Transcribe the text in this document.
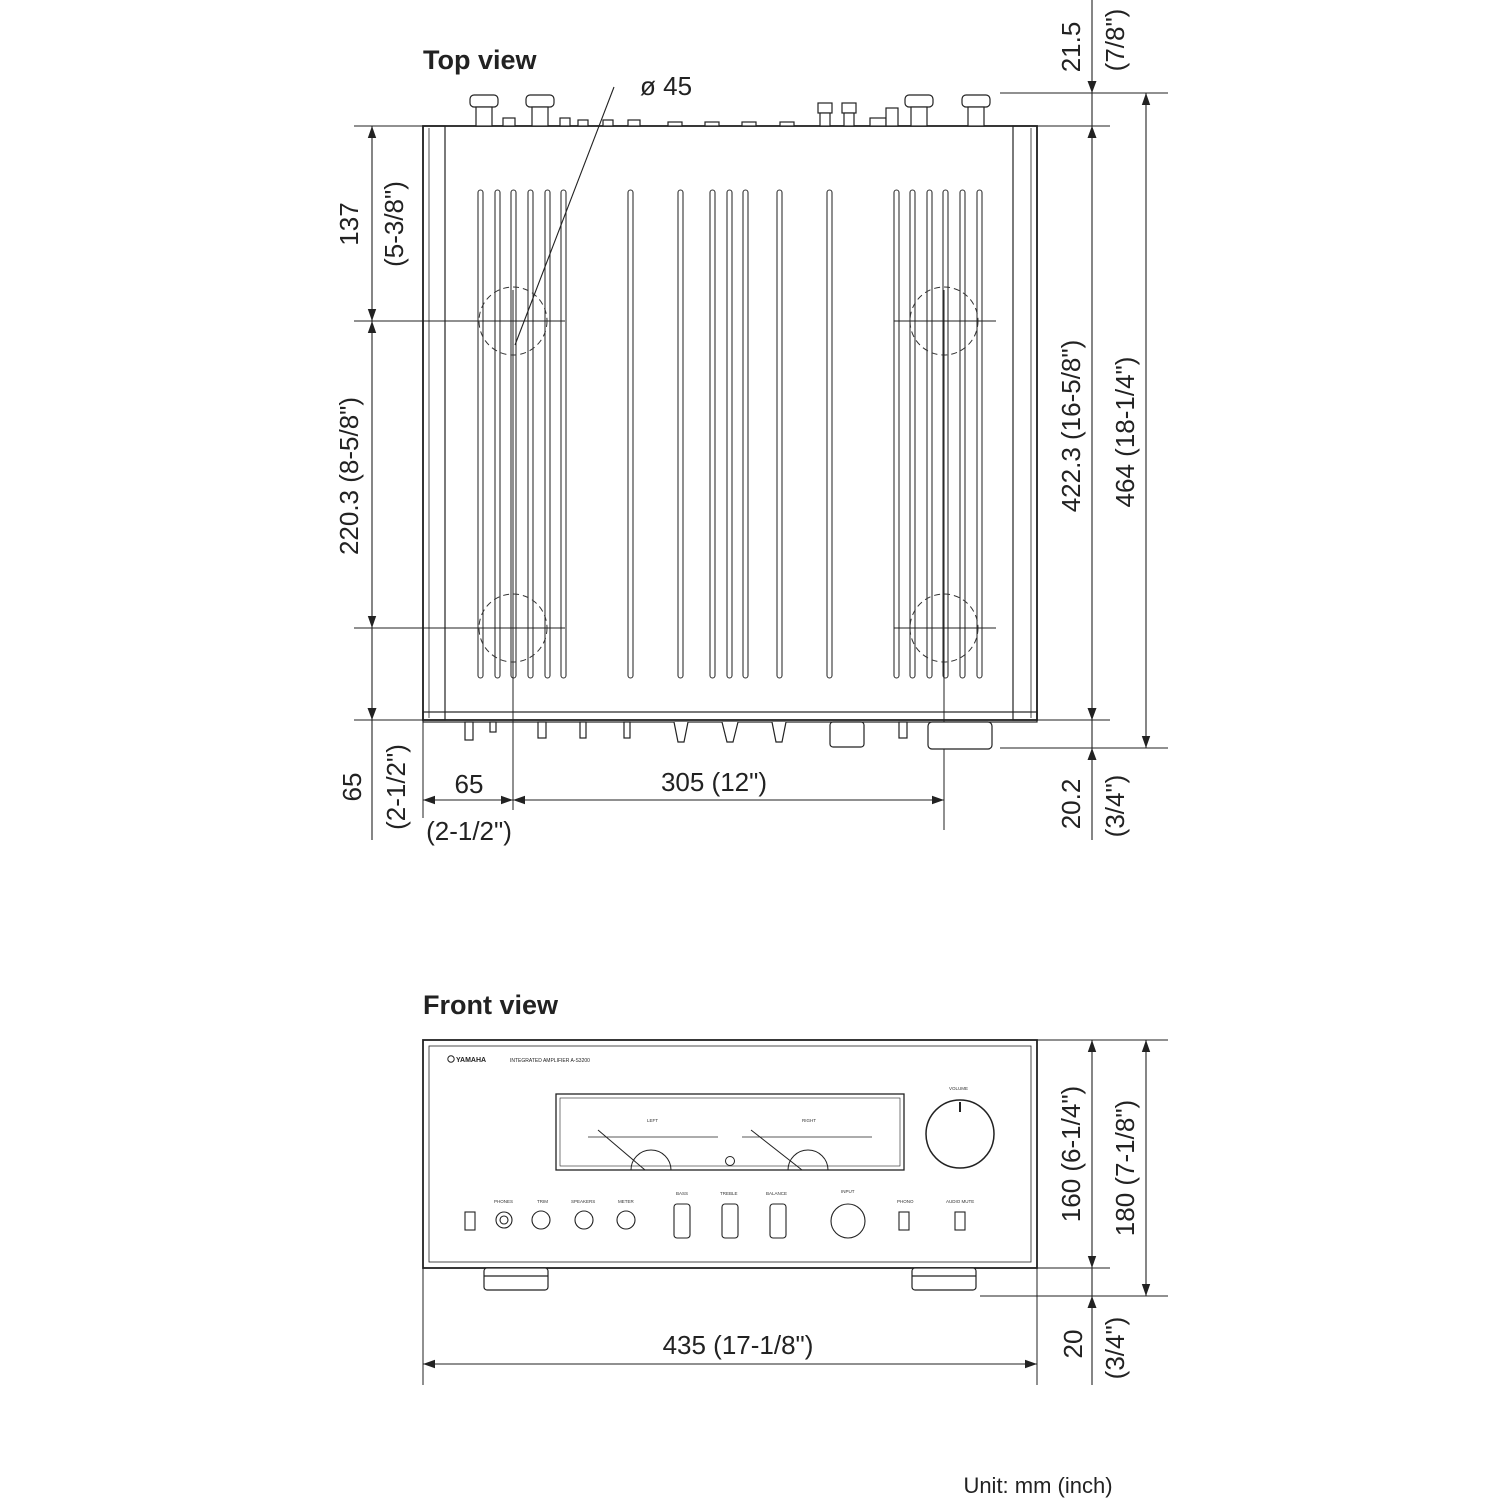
Top view
ø 45
137 (5-3/8")
220.3 (8-5/8")
65 (2-1/2") 65
(2-1/2")
305 (12")
422.3 (16-5/8") 464 (18-1/4")
21.5 (7/8")
20.2 (3/4")
Front view
YAMAHA	INTEGRATED AMPLIFIER A-S3200
LEFT	RIGHT
VOLUME
PHONES	TRIM	SPEAKERS	METER
BASS	TREBLE	BALANCE	INPUT
PHONO	AUDIO MUTE	160 (6-1/4") 180 (7-1/8")
20 (3/4")
435 (17-1/8")
Unit: mm (inch)
